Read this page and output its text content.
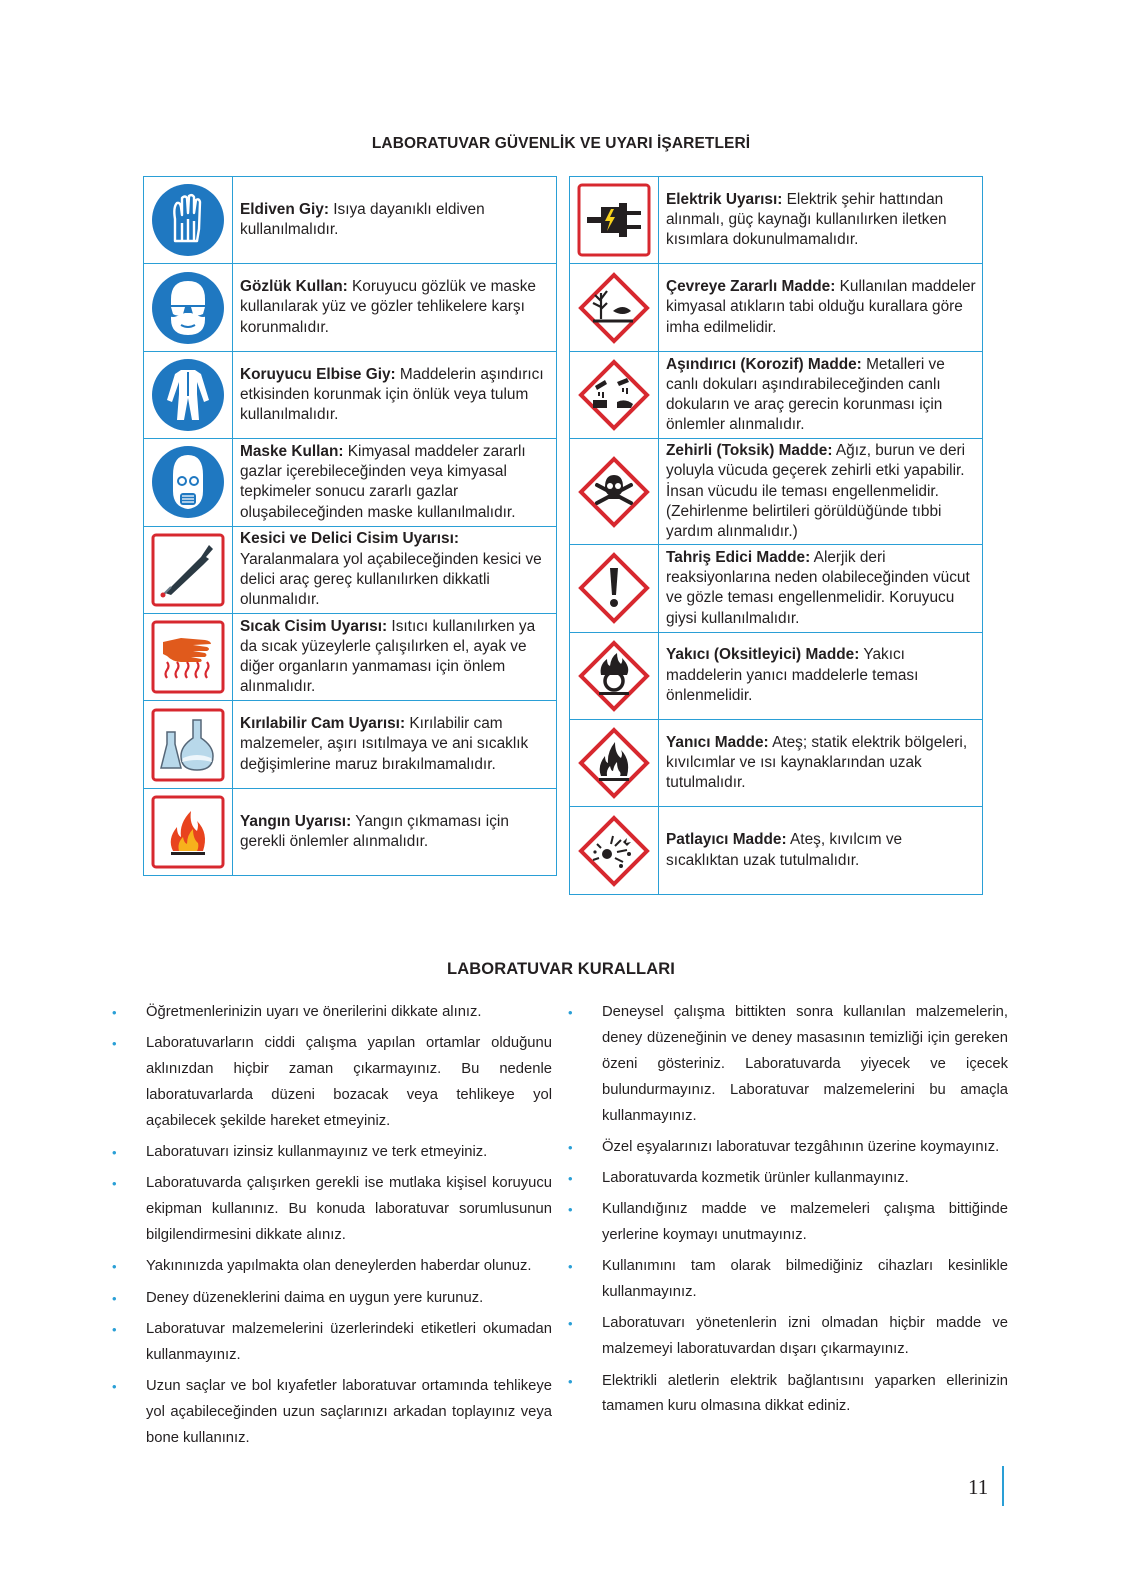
LABORATUVAR GÜVENLİK VE UYARI İŞARETLERİ
	Eldiven Giy: Isıya dayanıklı eldiven kullanılmalıdır.

	Gözlük Kullan: Koruyucu gözlük ve maske kullanılarak yüz ve gözler tehlikelere karşı korunmalıdır.

	Koruyucu Elbise Giy: Maddelerin aşındırıcı etkisinden korunmak için önlük veya tulum kullanılmalıdır.

	Maske Kullan: Kimyasal maddeler zararlı gazlar içerebileceğinden veya kimyasal tepkimeler sonucu zararlı gazlar oluşabileceğinden maske kullanılmalıdır.

	Kesici ve Delici Cisim Uyarısı: Yaralanmalara yol açabileceğinden kesici ve delici araç gereç kullanılırken dikkatli olunmalıdır.

	Sıcak Cisim Uyarısı: Isıtıcı kullanılırken ya da sıcak yüzeylerle çalışılırken el, ayak ve diğer organların yanmaması için önlem alınmalıdır.

	Kırılabilir Cam Uyarısı: Kırılabilir cam malzemeler, aşırı ısıtılmaya ve ani sıcaklık değişimlerine maruz bırakılmamalıdır.

	Yangın Uyarısı: Yangın çıkmaması için gerekli önlemler alınmalıdır.
	Elektrik Uyarısı: Elektrik şehir hattından alınmalı, güç kaynağı kullanılırken iletken kısımlara dokunulmamalıdır.

	Çevreye Zararlı Madde: Kullanılan maddeler kimyasal atıkların tabi olduğu kurallara göre imha edilmelidir.

	Aşındırıcı (Korozif) Madde: Metalleri ve canlı dokuları aşındırabileceğinden canlı dokuların ve araç gerecin korunması için önlemler alınmalıdır.

	Zehirli (Toksik) Madde: Ağız, burun ve deri yoluyla vücuda geçerek zehirli etki yapabilir. İnsan vücudu ile teması engellenmelidir. (Zehirlenme belirtileri görüldüğünde tıbbi yardım alınmalıdır.)

	Tahriş Edici Madde: Alerjik deri reaksiyonlarına neden olabileceğinden vücut ve gözle teması engellenmelidir. Koruyucu giysi kullanılmalıdır.

	Yakıcı (Oksitleyici) Madde: Yakıcı maddelerin yanıcı maddelerle teması önlenmelidir.

	Yanıcı Madde: Ateş; statik elektrik bölgeleri, kıvılcımlar ve ısı kaynaklarından uzak tutulmalıdır.

	Patlayıcı Madde: Ateş, kıvılcım ve sıcaklıktan uzak tutulmalıdır.
LABORATUVAR KURALLARI
• Öğretmenlerinizin uyarı ve önerilerini dikkate alınız.
• Laboratuvarların ciddi çalışma yapılan ortamlar olduğunu aklınızdan hiçbir zaman çıkarmayınız. Bu nedenle laboratuvarlarda düzeni bozacak veya tehlikeye yol açabilecek şekilde hareket etmeyiniz.
• Laboratuvarı izinsiz kullanmayınız ve terk etmeyiniz.
• Laboratuvarda çalışırken gerekli ise mutlaka kişisel koruyucu ekipman kullanınız. Bu konuda laboratuvar sorumlusunun bilgilendirmesini dikkate alınız.
• Yakınınızda yapılmakta olan deneylerden haberdar olunuz.
• Deney düzeneklerini daima en uygun yere kurunuz.
• Laboratuvar malzemelerini üzerlerindeki etiketleri okumadan kullanmayınız.
• Uzun saçlar ve bol kıyafetler laboratuvar ortamında tehlikeye yol açabileceğinden uzun saçlarınızı arkadan toplayınız veya bone kullanınız.
• Deneysel çalışma bittikten sonra kullanılan malzemelerin, deney düzeneğinin ve deney masasının temizliği için gereken özeni gösteriniz. Laboratuvarda yiyecek ve içecek bulundurmayınız. Laboratuvar malzemelerini bu amaçla kullanmayınız.
• Özel eşyalarınızı laboratuvar tezgâhının üzerine koymayınız.
• Laboratuvarda kozmetik ürünler kullanmayınız.
• Kullandığınız madde ve malzemeleri çalışma bittiğinde yerlerine koymayı unutmayınız.
• Kullanımını tam olarak bilmediğiniz cihazları kesinlikle kullanmayınız.
• Laboratuvarı yönetenlerin izni olmadan hiçbir madde ve malzemeyi laboratuvardan dışarı çıkarmayınız.
• Elektrikli aletlerin elektrik bağlantısını yaparken ellerinizin tamamen kuru olmasına dikkat ediniz.
11
